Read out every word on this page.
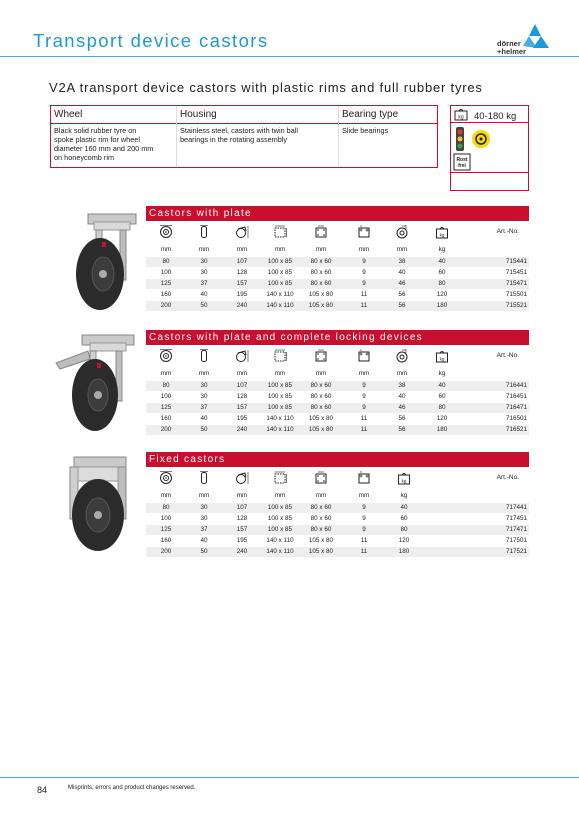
Transport device castors	dörner
+helmer
V2A transport device castors with plastic rims and full rubber tyres
Wheel	Housing	Bearing type
Black solid rubber tyre on
spoke plastic rim for wheel
diameter 160 mm and 200 mm
on honeycomb rim
Stainless steel, castors with twin ball
bearings in the rotating assembly
Slide bearings
kg 40-180 kg
Rost
frei
Castors with plate
kg	Art.-No.
mm	mm	mm	mm	mm	mm	mm	kg
80	30	107	100 x 85	80 x 60	9	38	40	715441
100	30	128	100 x 85	80 x 60	9	40	60	715451
125	37	157	100 x 85	80 x 60	9	46	80	715471
160	40	195	140 x 110	105 x 80	11	56	120	715501
200	50	240	140 x 110	105 x 80	11	56	180	715521
Castors with plate and complete locking devices
kg	Art.-No.
mm	mm	mm	mm	mm	mm	mm	kg
80	30	107	100 x 85	80 x 60	9	38	40	716441
100	30	128	100 x 85	80 x 60	9	40	60	716451
125	37	157	100 x 85	80 x 60	9	46	80	716471
160	40	195	140 x 110	105 x 80	11	56	120	716501
200	50	240	140 x 110	105 x 80	11	56	180	716521
Fixed castors
kg	Art.-No.
mm	mm	mm	mm	mm	mm	kg
80	30	107	100 x 85	80 x 60	9	40	717441
100	30	128	100 x 85	80 x 60	9	60	717451
125	37	157	100 x 85	80 x 60	9	80	717471
160	40	195	140 x 110	105 x 80	11	120	717501
200	50	240	140 x 110	105 x 80	11	180	717521
84	Misprints, errors and product changes reserved.
